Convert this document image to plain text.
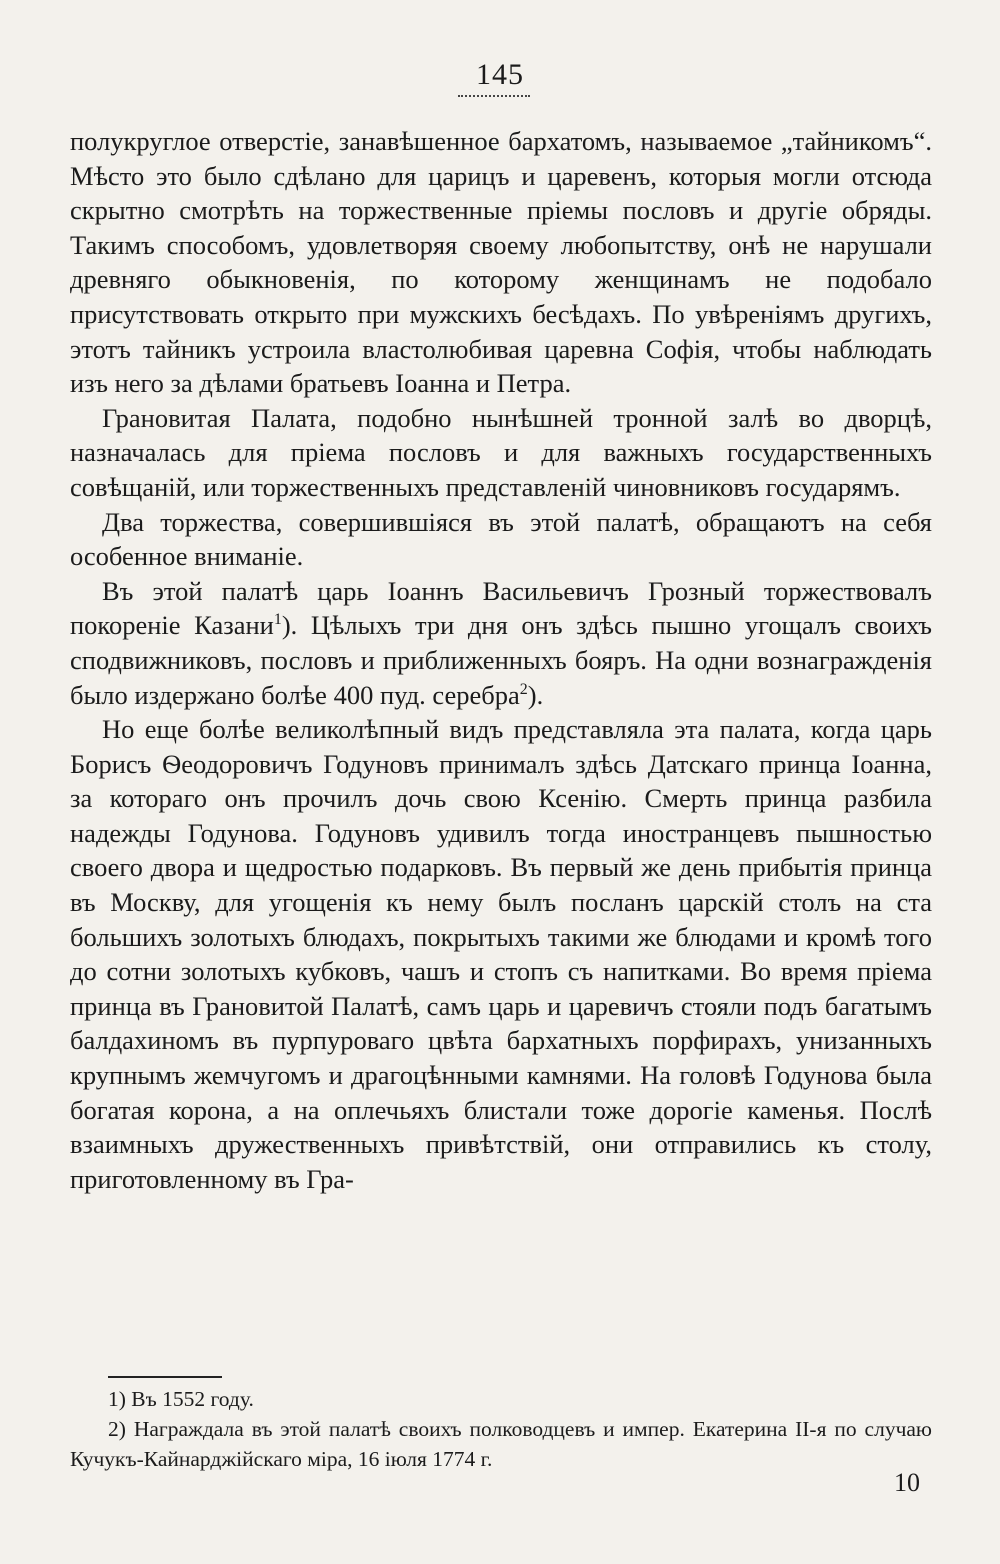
145

полукруглое отверстіе, занавѣшенное бархатомъ, называемое „тайникомъ“. Мѣсто это было сдѣлано для царицъ и царевенъ, которыя могли отсюда скрытно смотрѣть на торжественные пріемы пословъ и другіе обряды. Такимъ способомъ, удовлетворяя своему любопытству, онѣ не нарушали древняго обыкновенія, по которому женщинамъ не подобало присутствовать открыто при мужскихъ бесѣдахъ. По увѣреніямъ другихъ, этотъ тайникъ устроила властолюбивая царевна Софія, чтобы наблюдать изъ него за дѣлами братьевъ Іоанна и Петра.

Грановитая Палата, подобно нынѣшней тронной залѣ во дворцѣ, назначалась для пріема пословъ и для важныхъ государственныхъ совѣщаній, или торжественныхъ представленій чиновниковъ государямъ.

Два торжества, совершившіяся въ этой палатѣ, обращаютъ на себя особенное вниманіе.

Въ этой палатѣ царь Іоаннъ Васильевичъ Грозный торжествовалъ покореніе Казани$^1$). Цѣлыхъ три дня онъ здѣсь пышно угощалъ своихъ сподвижниковъ, пословъ и приближенныхъ бояръ. На одни вознагражденія было издержано болѣе 400 пуд. серебра$^2$).

Но еще болѣе великолѣпный видъ представляла эта палата, когда царь Борисъ Ѳеодоровичъ Годуновъ принималъ здѣсь Датскаго принца Іоанна, за котораго онъ прочилъ дочь свою Ксенію. Смерть принца разбила надежды Годунова. Годуновъ удивилъ тогда иностранцевъ пышностью своего двора и щедростью подарковъ. Въ первый же день прибытія принца въ Москву, для угощенія къ нему былъ посланъ царскій столъ на ста большихъ золотыхъ блюдахъ, покрытыхъ такими же блюдами и кромѣ того до сотни золотыхъ кубковъ, чашъ и стопъ съ напитками. Во время пріема принца въ Грановитой Палатѣ, самъ царь и царевичъ стояли подъ багатымъ балдахиномъ въ пурпуроваго цвѣта бархатныхъ порфирахъ, унизанныхъ крупнымъ жемчугомъ и драгоцѣнными камнями. На головѣ Годунова была богатая корона, а на оплечьяхъ блистали тоже дорогіе каменья. Послѣ взаимныхъ дружественныхъ привѣтствій, они отправились къ столу, приготовленному въ Гра-

1) Въ 1552 году.

2) Награждала въ этой палатѣ своихъ полководцевъ и импер. Екатерина II-я по случаю Кучукъ-Кайнарджійскаго міра, 16 іюля 1774 г.

10
